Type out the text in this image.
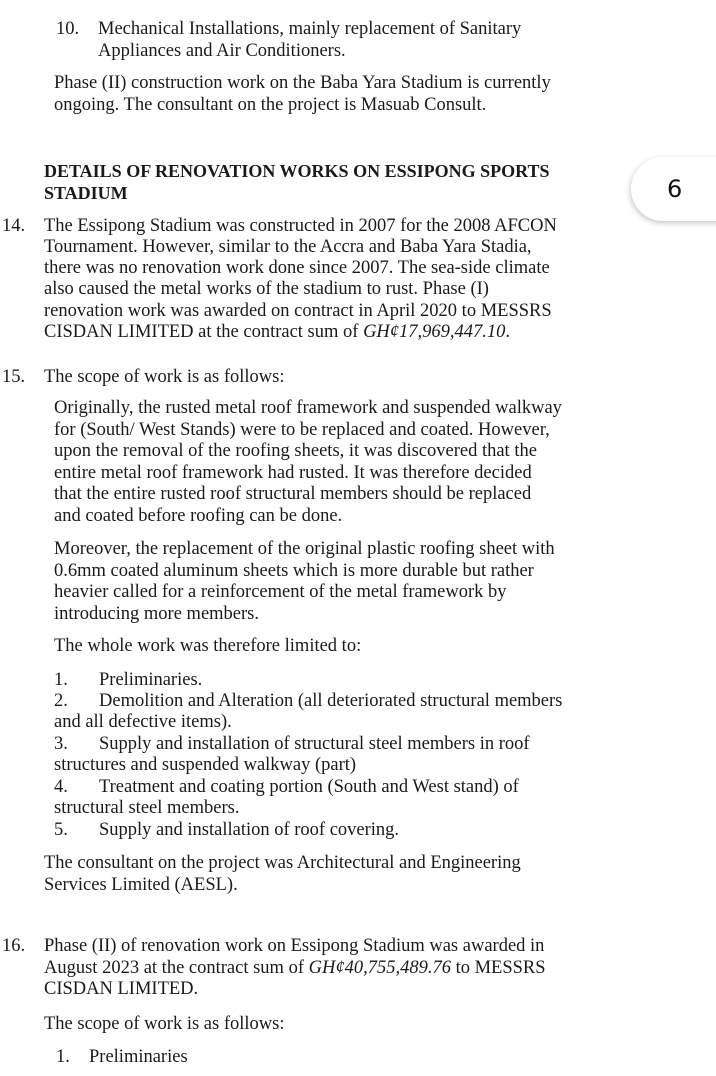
10. Mechanical Installations, mainly replacement of Sanitary
Appliances and Air Conditioners.
Phase (II) construction work on the Baba Yara Stadium is currently
ongoing. The consultant on the project is Masuab Consult.
DETAILS OF RENOVATION WORKS ON ESSIPONG SPORTS
STADIUM
14. The Essipong Stadium was constructed in 2007 for the 2008 AFCON
Tournament. However, similar to the Accra and Baba Yara Stadia,
there was no renovation work done since 2007. The sea-side climate
also caused the metal works of the stadium to rust. Phase (I)
renovation work was awarded on contract in April 2020 to MESSRS
CISDAN LIMITED at the contract sum of GH¢17,969,447.10.
15. The scope of work is as follows:
Originally, the rusted metal roof framework and suspended walkway
for (South/ West Stands) were to be replaced and coated. However,
upon the removal of the roofing sheets, it was discovered that the
entire metal roof framework had rusted. It was therefore decided
that the entire rusted roof structural members should be replaced
and coated before roofing can be done.
Moreover, the replacement of the original plastic roofing sheet with
0.6mm coated aluminum sheets which is more durable but rather
heavier called for a reinforcement of the metal framework by
introducing more members.
The whole work was therefore limited to:
1. Preliminaries.
2. Demolition and Alteration (all deteriorated structural members
and all defective items).
3. Supply and installation of structural steel members in roof
structures and suspended walkway (part)
4. Treatment and coating portion (South and West stand) of
structural steel members.
5. Supply and installation of roof covering.
The consultant on the project was Architectural and Engineering
Services Limited (AESL).
16. Phase (II) of renovation work on Essipong Stadium was awarded in
August 2023 at the contract sum of GH¢40,755,489.76 to MESSRS
CISDAN LIMITED.
The scope of work is as follows:
1. Preliminaries
6
